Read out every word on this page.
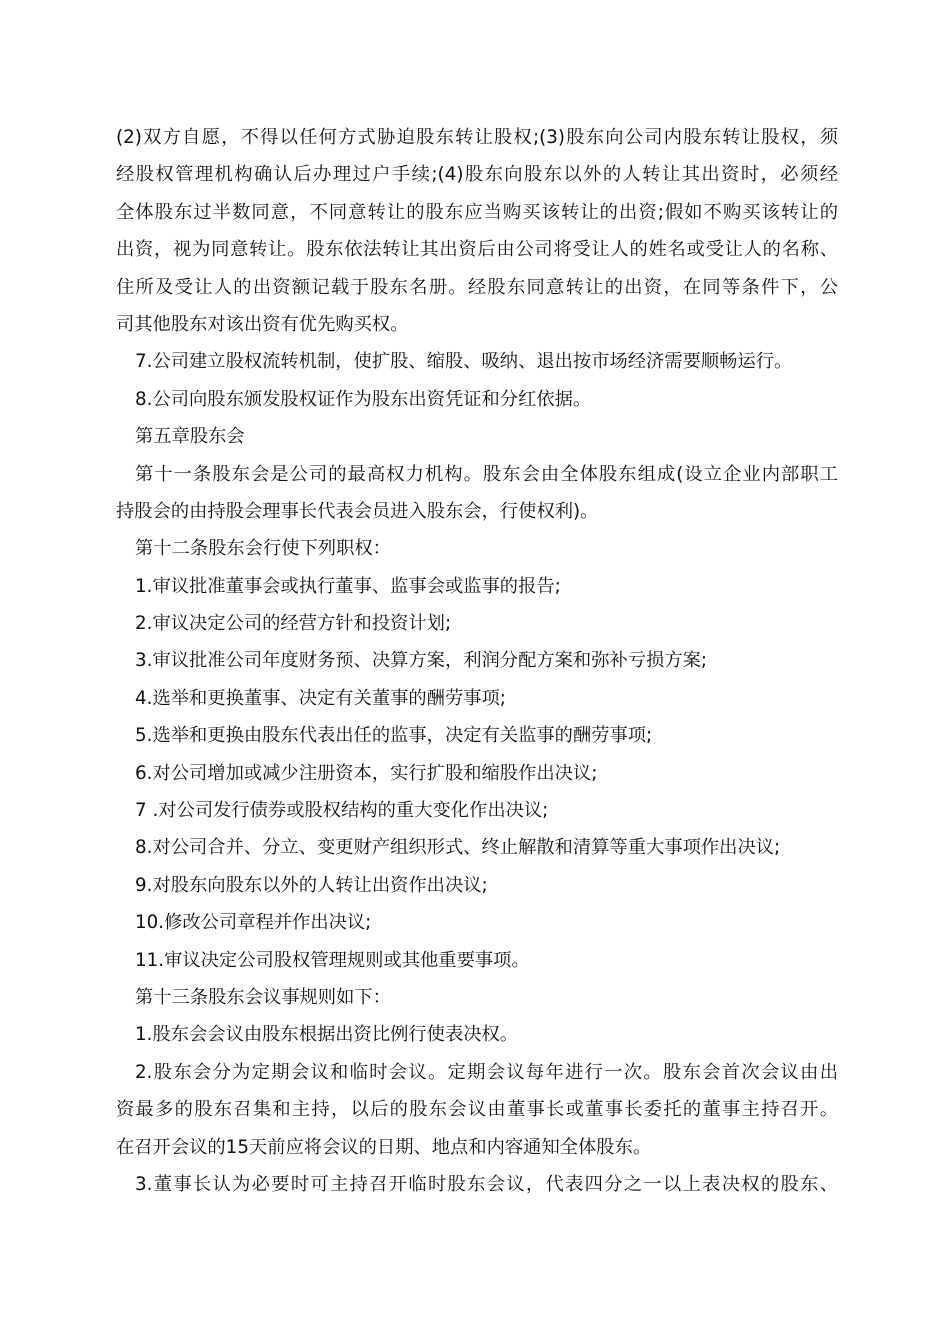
(2)双方自愿，不得以任何方式胁迫股东转让股权;(3)股东向公司内股东转让股权，须
经股权管理机构确认后办理过户手续;(4)股东向股东以外的人转让其出资时，必须经
全体股东过半数同意，不同意转让的股东应当购买该转让的出资;假如不购买该转让的
出资，视为同意转让。股东依法转让其出资后由公司将受让人的姓名或受让人的名称、
住所及受让人的出资额记载于股东名册。经股东同意转让的出资，在同等条件下，公
司其他股东对该出资有优先购买权。
7.公司建立股权流转机制，使扩股、缩股、吸纳、退出按市场经济需要顺畅运行。
8.公司向股东颁发股权证作为股东出资凭证和分红依据。
第五章股东会
第十一条股东会是公司的最高权力机构。股东会由全体股东组成(设立企业内部职工
持股会的由持股会理事长代表会员进入股东会，行使权利)。
第十二条股东会行使下列职权：
1.审议批准董事会或执行董事、监事会或监事的报告;
2.审议决定公司的经营方针和投资计划;
3.审议批准公司年度财务预、决算方案，利润分配方案和弥补亏损方案;
4.选举和更换董事、决定有关董事的酬劳事项;
5.选举和更换由股东代表出任的监事，决定有关监事的酬劳事项;
6.对公司增加或减少注册资本，实行扩股和缩股作出决议;
7 .对公司发行债券或股权结构的重大变化作出决议;
8.对公司合并、分立、变更财产组织形式、终止解散和清算等重大事项作出决议;
9.对股东向股东以外的人转让出资作出决议;
10.修改公司章程并作出决议;
11.审议决定公司股权管理规则或其他重要事项。
第十三条股东会议事规则如下：
1.股东会会议由股东根据出资比例行使表决权。
2.股东会分为定期会议和临时会议。定期会议每年进行一次。股东会首次会议由出
资最多的股东召集和主持，以后的股东会议由董事长或董事长委托的董事主持召开。
在召开会议的15天前应将会议的日期、地点和内容通知全体股东。
3.董事长认为必要时可主持召开临时股东会议，代表四分之一以上表决权的股东、
